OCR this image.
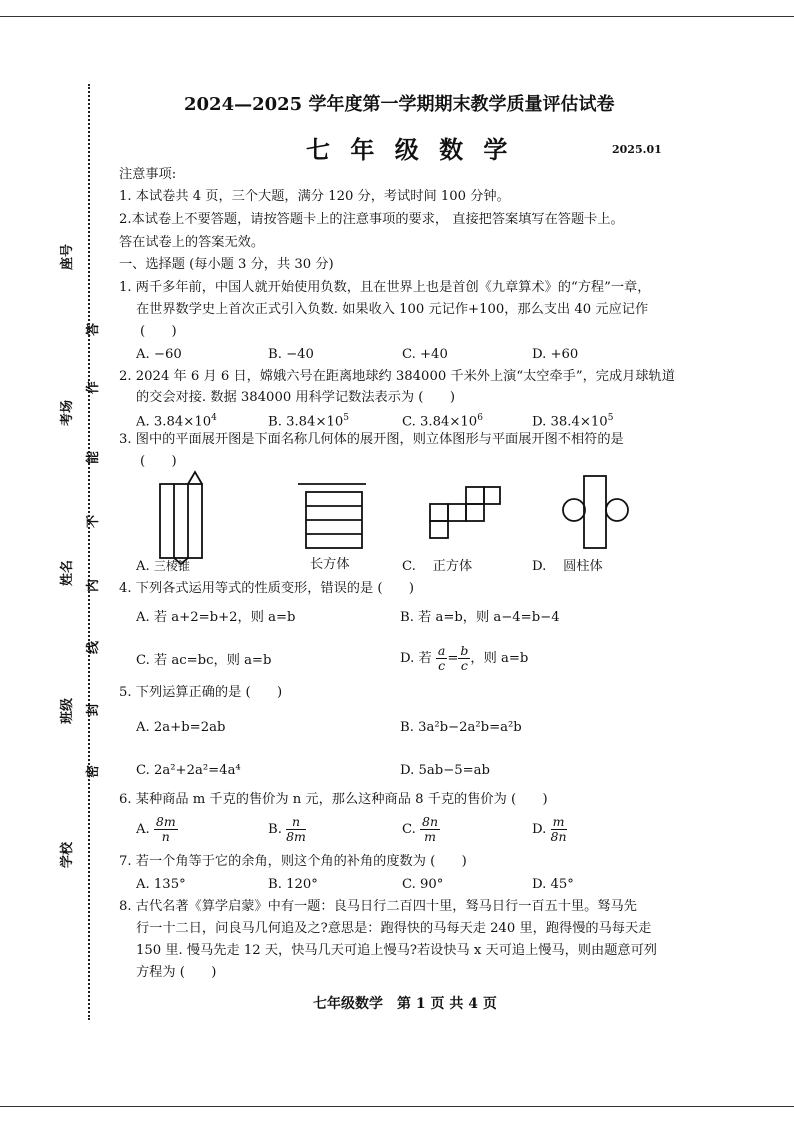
座号
考场
姓名
班级
学校
答
作
能
不
内
线
封
密
2024—2025 学年度第一学期期末教学质量评估试卷
七 年 级 数 学	2025.01
注意事项:
1. 本试卷共 4 页，三个大题，满分 120 分，考试时间 100 分钟。
2.本试卷上不要答题，请按答题卡上的注意事项的要求， 直接把答案填写在答题卡上。
答在试卷上的答案无效。
一、选择题 (每小题 3 分，共 30 分)
1. 两千多年前，中国人就开始使用负数，且在世界上也是首创《九章算术》的“方程”一章，
在世界数学史上首次正式引入负数. 如果收入 100 元记作+100，那么支出 40 元应记作
(　　)
A. −60	B. −40	C. +40	D. +60
2. 2024 年 6 月 6 日，嫦娥六号在距离地球约 384000 千米外上演“太空牵手”，完成月球轨道
的交会对接. 数据 384000 用科学记数法表示为 (　　)
A. $3.84\times 10^4$	B. $3.84\times 10^5$	C. $3.84\times 10^6$	D. $38.4\times 10^5$
3. 图中的平面展开图是下面名称几何体的展开图，则立体图形与平面展开图不相符的是
(　　)
A. 三棱锥	长方体	C. 正方体	D. 圆柱体
4. 下列各式运用等式的性质变形，错误的是 (　　)
A. 若 a+2=b+2，则 a=b	B. 若 a=b，则 a−4=b−4
C. 若 ac=bc，则 a=b	D. 若 $\frac{a}{c} = \frac{b}{c}$ ，则 a=b
5. 下列运算正确的是 (　　)
A. 2a+b=2ab	B. 3a²b−2a²b=a²b
C. 2a²+2a²=4a⁴	D. 5ab−5=ab
6. 某种商品 m 千克的售价为 n 元，那么这种商品 8 千克的售价为 (　　)
A. $\frac{8m}{n}$	B. $\frac{n}{8m}$	C. $\frac{8n}{m}$	D. $\frac{m}{8n}$
7. 若一个角等于它的余角，则这个角的补角的度数为 (　　)
A. 135°	B. 120°	C. 90°	D. 45°
8. 古代名著《算学启蒙》中有一题：良马日行二百四十里，驽马日行一百五十里。驽马先
行一十二日，问良马几何追及之?意思是：跑得快的马每天走 240 里，跑得慢的马每天走
150 里. 慢马先走 12 天，快马几天可追上慢马?若设快马 x 天可追上慢马，则由题意可列
方程为 (　　)
七年级数学　第 1 页 共 4 页
